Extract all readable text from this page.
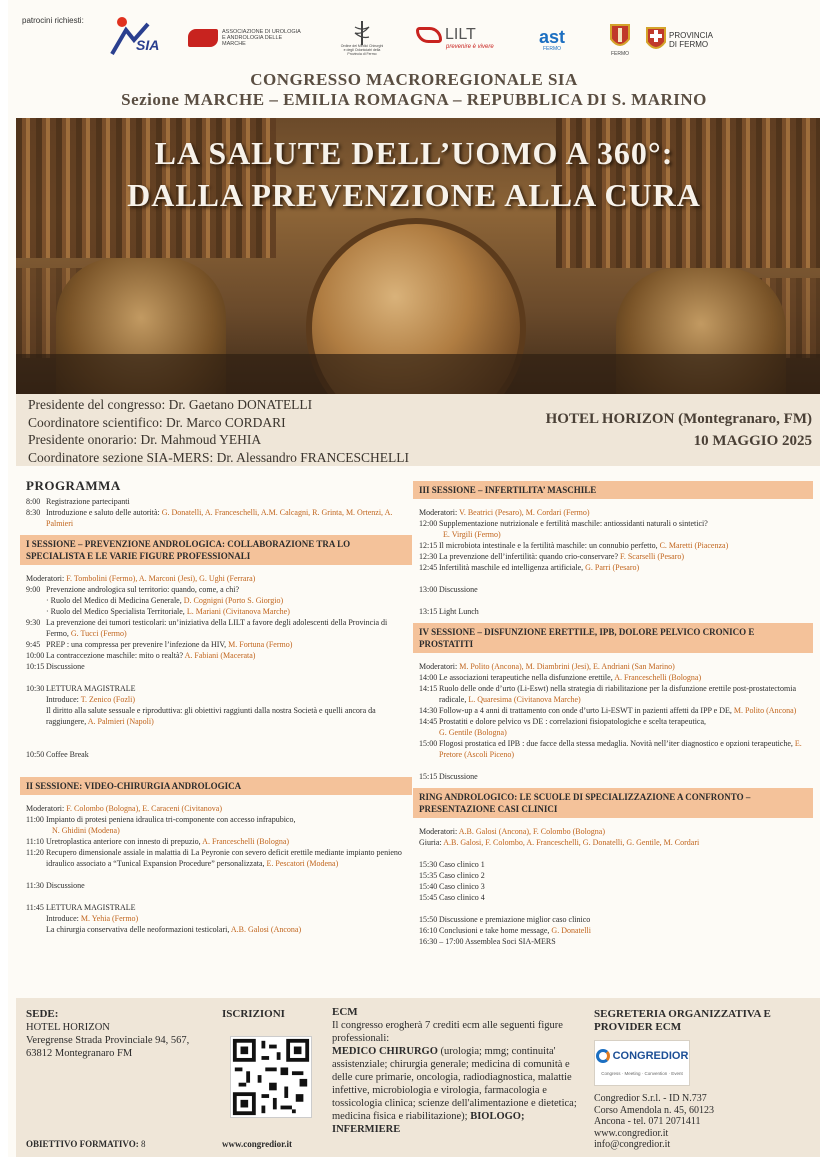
patrocini richiesti:
SIA
ASSOCIAZIONE DI UROLOGIA E ANDROLOGIA DELLE MARCHE	Ordine dei Medici Chirurghi e degli Odontoiatri della Provincia di Fermo
LILT
prevenire è vivere	ast
FERMO
FERMO
PROVINCIA DI FERMO
CONGRESSO MACROREGIONALE SIA
Sezione MARCHE – EMILIA ROMAGNA – REPUBBLICA DI S. MARINO
LA SALUTE DELL’UOMO A 360°:
DALLA PREVENZIONE ALLA CURA
Presidente del congresso: Dr. Gaetano DONATELLI
Coordinatore scientifico: Dr. Marco CORDARI
Presidente onorario: Dr. Mahmoud YEHIA
Coordinatore sezione SIA-MERS: Dr. Alessandro FRANCESCHELLI
HOTEL HORIZON (Montegranaro, FM)
10 MAGGIO 2025
PROGRAMMA
8:00 Registrazione partecipanti
8:30 Introduzione e saluto delle autorità: G. Donatelli, A. Franceschelli, A.M. Calcagni, R. Grinta, M. Ortenzi, A. Palmieri
I SESSIONE – PREVENZIONE ANDROLOGICA: COLLABORAZIONE TRA LO SPECIALISTA E LE VARIE FIGURE PROFESSIONALI
Moderatori: F. Tombolini (Fermo), A. Marconi (Jesi), G. Ughi (Ferrara)
9:00 Prevenzione andrologica sul territorio: quando, come, a chi?
· Ruolo del Medico di Medicina Generale, D. Cognigni (Porto S. Giorgio)
· Ruolo del Medico Specialista Territoriale, L. Mariani (Civitanova Marche)
9:30 La prevenzione dei tumori testicolari: un’iniziativa della LILT a favore degli adolescenti della Provincia di Fermo, G. Tucci (Fermo)
9:45 PREP : una compressa per prevenire l’infezione da HIV, M. Fortuna (Fermo)
10:00 La contraccezione maschile: mito o realtà? A. Fabiani (Macerata)
10:15 Discussione
10:30 LETTURA MAGISTRALE
Introduce: T. Zenico (Fozli)
Il diritto alla salute sessuale e riproduttiva: gli obiettivi raggiunti dalla nostra Società e quelli ancora da raggiungere, A. Palmieri (Napoli)
10:50 Coffee Break
II SESSIONE: VIDEO-CHIRURGIA ANDROLOGICA
Moderatori: F. Colombo (Bologna), E. Caraceni (Civitanova)
11:00 Impianto di protesi peniena idraulica tri-componente con accesso infrapubico,
N. Ghidini (Modena)
11:10 Uretroplastica anteriore con innesto di prepuzio, A. Franceschelli (Bologna)
11:20 Recupero dimensionale assiale in malattia di La Peyronie con severo deficit erettile mediante impianto penieno idraulico associato a “Tunical Expansion Procedure” personalizzata, E. Pescatori (Modena)
11:30 Discussione
11:45 LETTURA MAGISTRALE
Introduce: M. Yehia (Fermo)
La chirurgia conservativa delle neoformazioni testicolari, A.B. Galosi (Ancona)
III SESSIONE – INFERTILITA’ MASCHILE
Moderatori: V. Beatrici (Pesaro), M. Cordari (Fermo)
12:00 Supplementazione nutrizionale e fertilità maschile: antiossidanti naturali o sintetici?
E. Virgili (Fermo)
12:15 Il microbiota intestinale e la fertilità maschile: un connubio perfetto, C. Maretti (Piacenza)
12:30 La prevenzione dell’infertilità: quando crio-conservare? F. Scarselli (Pesaro)
12:45 Infertilità maschile ed intelligenza artificiale, G. Parri (Pesaro)
13:00 Discussione
13:15 Light Lunch
IV SESSIONE – DISFUNZIONE ERETTILE, IPB, DOLORE PELVICO CRONICO E PROSTATITI
Moderatori: M. Polito (Ancona), M. Diambrini (Jesi), E. Andriani (San Marino)
14:00 Le associazioni terapeutiche nella disfunzione erettile, A. Franceschelli (Bologna)
14:15 Ruolo delle onde d’urto (Li-Eswt) nella strategia di riabilitazione per la disfunzione erettile post-prostatectomia radicale, L. Quaresima (Civitanova Marche)
14:30 Follow-up a 4 anni di trattamento con onde d’urto Li-ESWT in pazienti affetti da IPP e DE, M. Polito (Ancona)
14:45 Prostatiti e dolore pelvico vs DE : correlazioni fisiopatologiche e scelta terapeutica,
G. Gentile (Bologna)
15:00 Flogosi prostatica ed IPB : due facce della stessa medaglia. Novità nell’iter diagnostico e opzioni terapeutiche, E. Pretore (Ascoli Piceno)
15:15 Discussione
RING ANDROLOGICO: LE SCUOLE DI SPECIALIZZAZIONE A CONFRONTO – PRESENTAZIONE CASI CLINICI
Moderatori: A.B. Galosi (Ancona), F. Colombo (Bologna)
Giuria: A.B. Galosi, F. Colombo, A. Franceschelli, G. Donatelli, G. Gentile, M. Cordari
15:30 Caso clinico 1
15:35 Caso clinico 2
15:40 Caso clinico 3
15:45 Caso clinico 4
15:50 Discussione e premiazione miglior caso clinico
16:10 Conclusioni e take home message, G. Donatelli
16:30 – 17:00 Assemblea Soci SIA-MERS
SEDE:
HOTEL HORIZON
Veregrense Strada Provinciale 94, 567,
63812 Montegranaro FM
OBIETTIVO FORMATIVO: 8
ISCRIZIONI
www.congredior.it
ECM
Il congresso erogherà 7 crediti ecm alle seguenti figure professionali:
MEDICO CHIRURGO (urologia; mmg; continuita' assistenziale; chirurgia generale; medicina di comunità e delle cure primarie, oncologia, radiodiagnostica, malattie infettive, microbiologia e virologia, farmacologia e tossicologia clinica; scienze dell'alimentazione e dietetica; medicina fisica e riabilitazione); BIOLOGO; INFERMIERE
SEGRETERIA ORGANIZZATIVA E PROVIDER ECM
CONGREDIOR
Congress · Meeting · Convention · Event
Congredior S.r.l. - ID N.737
Corso Amendola n. 45, 60123
Ancona - tel. 071 2071411
www.congredior.it
info@congredior.it
